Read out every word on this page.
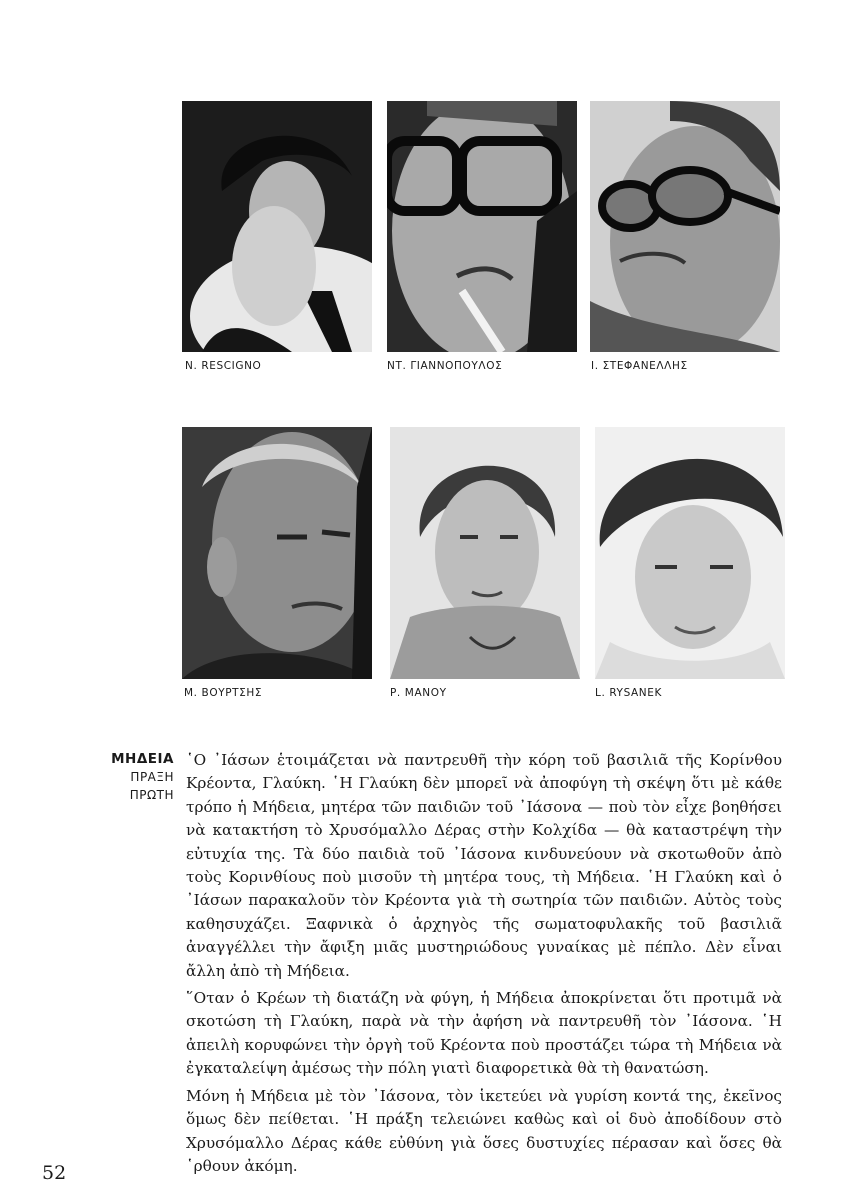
N. RESCIGNO	ΝΤ. ΓΙΑΝΝΟΠΟΥΛΟΣ	Ι. ΣΤΕΦΑΝΕΛΛΗΣ
Μ. ΒΟΥΡΤΣΗΣ	Ρ. ΜΑΝΟΥ	L. RYSANEK
ΜΗΔΕΙΑ
ΠΡΑΞΗ
ΠΡΩΤΗ

῾Ο ᾿Ιάσων ἑτοιμάζεται νὰ παντρευθῆ τὴν κόρη τοῦ βασιλιᾶ τῆς Κορίνθου Κρέοντα, Γλαύκη. ῾Η Γλαύκη δὲν μπορεῖ νὰ ἀποφύγη τὴ σκέψη ὅτι μὲ κάθε τρόπο ἡ Μήδεια, μητέρα τῶν παιδιῶν τοῦ ᾿Ιάσονα — ποὺ τὸν εἶχε βοηθήσει νὰ κατακτήση τὸ Χρυσόμαλλο Δέρας στὴν Κολχίδα — θὰ καταστρέψη τὴν εὐτυχία της. Τὰ δύο παιδιὰ τοῦ ᾿Ιάσονα κινδυνεύουν νὰ σκοτωθοῦν ἀπὸ τοὺς Κορινθίους ποὺ μισοῦν τὴ μητέρα τους, τὴ Μήδεια. ῾Η Γλαύκη καὶ ὁ ᾿Ιάσων παρακαλοῦν τὸν Κρέοντα γιὰ τὴ σωτηρία τῶν παιδιῶν. Αὐτὸς τοὺς καθησυχάζει. Ξαφνικὰ ὁ ἀρχηγὸς τῆς σωματοφυλακῆς τοῦ βασιλιᾶ ἀναγγέλλει τὴν ἄφιξη μιᾶς μυστηριώδους γυναίκας μὲ πέπλο. Δὲν εἶναι ἄλλη ἀπὸ τὴ Μήδεια.

῞Οταν ὁ Κρέων τὴ διατάζη νὰ φύγη, ἡ Μήδεια ἀποκρίνεται ὅτι προτιμᾶ νὰ σκοτώση τὴ Γλαύκη, παρὰ νὰ τὴν ἀφήση νὰ παντρευθῆ τὸν ᾿Ιάσονα. ῾Η ἀπειλὴ κορυφώνει τὴν ὀργὴ τοῦ Κρέοντα ποὺ προστάζει τώρα τὴ Μήδεια νὰ ἐγκαταλείψη ἀμέσως τὴν πόλη γιατὶ διαφορετικὰ θὰ τὴ θανατώση.

Μόνη ἡ Μήδεια μὲ τὸν ᾿Ιάσονα, τὸν ἱκετεύει νὰ γυρίση κοντά της, ἐκεῖνος ὅμως δὲν πείθεται. ῾Η πράξη τελειώνει καθὼς καὶ οἱ δυὸ ἀποδίδουν στὸ Χρυσόμαλλο Δέρας κάθε εὐθύνη γιὰ ὅσες δυστυχίες πέρασαν καὶ ὅσες θὰ ῾ρθουν ἀκόμη.

52
